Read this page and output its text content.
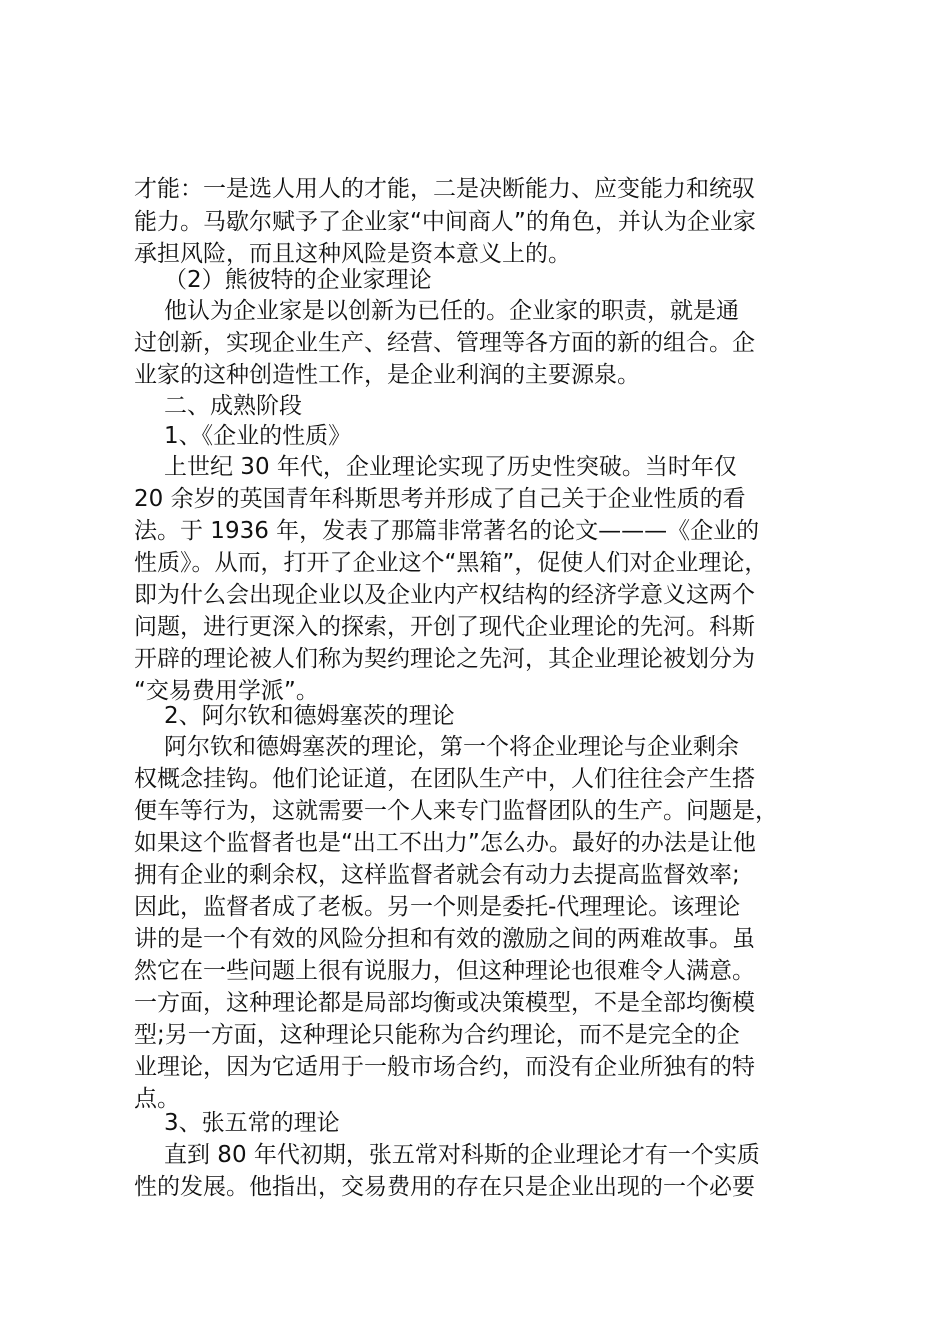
才能：一是选人用人的才能，二是决断能力、应变能力和统驭
能力。马歇尔赋予了企业家“中间商人”的角色，并认为企业家
承担风险，而且这种风险是资本意义上的。
（2）熊彼特的企业家理论
他认为企业家是以创新为已任的。企业家的职责，就是通
过创新，实现企业生产、经营、管理等各方面的新的组合。企
业家的这种创造性工作，是企业利润的主要源泉。
二、成熟阶段
1、《企业的性质》
上世纪 30 年代，企业理论实现了历史性突破。当时年仅
20 余岁的英国青年科斯思考并形成了自己关于企业性质的看
法。于 1936 年，发表了那篇非常著名的论文———《企业的
性质》。从而，打开了企业这个“黑箱”，促使人们对企业理论，
即为什么会出现企业以及企业内产权结构的经济学意义这两个
问题，进行更深入的探索，开创了现代企业理论的先河。科斯
开辟的理论被人们称为契约理论之先河，其企业理论被划分为
“交易费用学派”。
2、阿尔钦和德姆塞茨的理论
阿尔钦和德姆塞茨的理论，第一个将企业理论与企业剩余
权概念挂钩。他们论证道，在团队生产中，人们往往会产生搭
便车等行为，这就需要一个人来专门监督团队的生产。问题是，
如果这个监督者也是“出工不出力”怎么办。最好的办法是让他
拥有企业的剩余权，这样监督者就会有动力去提高监督效率;
因此，监督者成了老板。另一个则是委托-代理理论。该理论
讲的是一个有效的风险分担和有效的激励之间的两难故事。虽
然它在一些问题上很有说服力，但这种理论也很难令人满意。
一方面，这种理论都是局部均衡或决策模型，不是全部均衡模
型;另一方面，这种理论只能称为合约理论，而不是完全的企
业理论，因为它适用于一般市场合约，而没有企业所独有的特
点。
3、张五常的理论
直到 80 年代初期，张五常对科斯的企业理论才有一个实质
性的发展。他指出，交易费用的存在只是企业出现的一个必要
